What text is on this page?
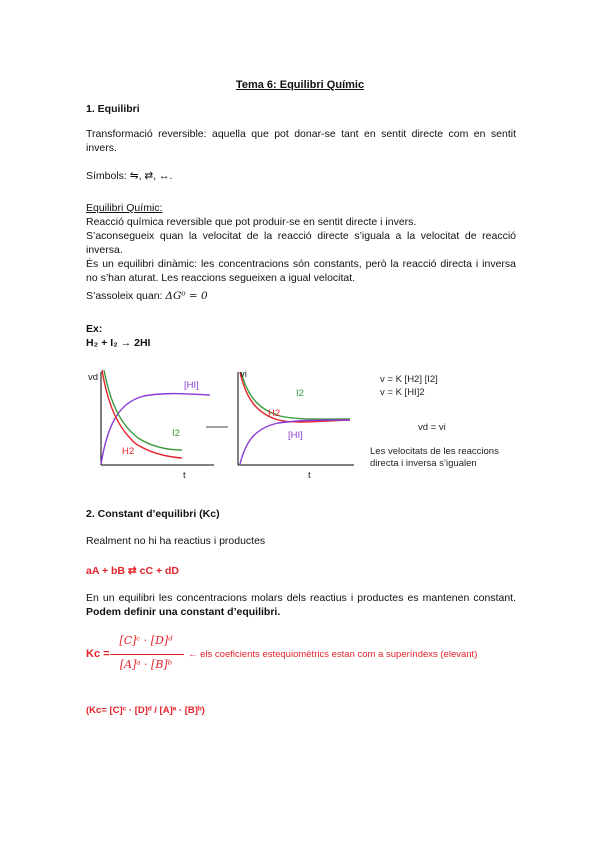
Tema 6: Equilibri Químic
1. Equilibri
Transformació reversible: aquella que pot donar-se tant en sentit directe com en sentit invers.
Símbols: ⇋, ⇄, ↔.
Equilibri Químic:
Reacció química reversible que pot produir-se en sentit directe i invers.
S’aconsegueix quan la velocitat de la reacció directe s’iguala a la velocitat de reacció inversa.
És un equilibri dinàmic: les concentracions són constants, però la reacció directa i inversa no s’han aturat. Les reaccions segueixen a igual velocitat.
S’assoleix quan: ΔG⁰ = 0
Ex:
H₂ + I₂ → 2HI
vd
t
[HI]
I2
H2
vi
t
I2
H2
[HI]
v = K [H2] [I2]
v = K [HI]2
vd = vi
Les velocitats de les reaccions
directa i inversa s’igualen
2. Constant d’equilibri (Kc)
Realment no hi ha reactius i productes
aA + bB ⇄ cC + dD
En un equilibri les concentracions molars dels reactius i productes es mantenen constant. Podem definir una constant d’equilibri.
Kc =
[C]ᶜ · [D]ᵈ
[A]ᵃ · [B]ᵇ
← els coeficients estequiomètrics estan com a superíndexs (elevant)
(Kc= [C]ᶜ · [D]ᵈ / [A]ᵃ · [B]ᵇ)
